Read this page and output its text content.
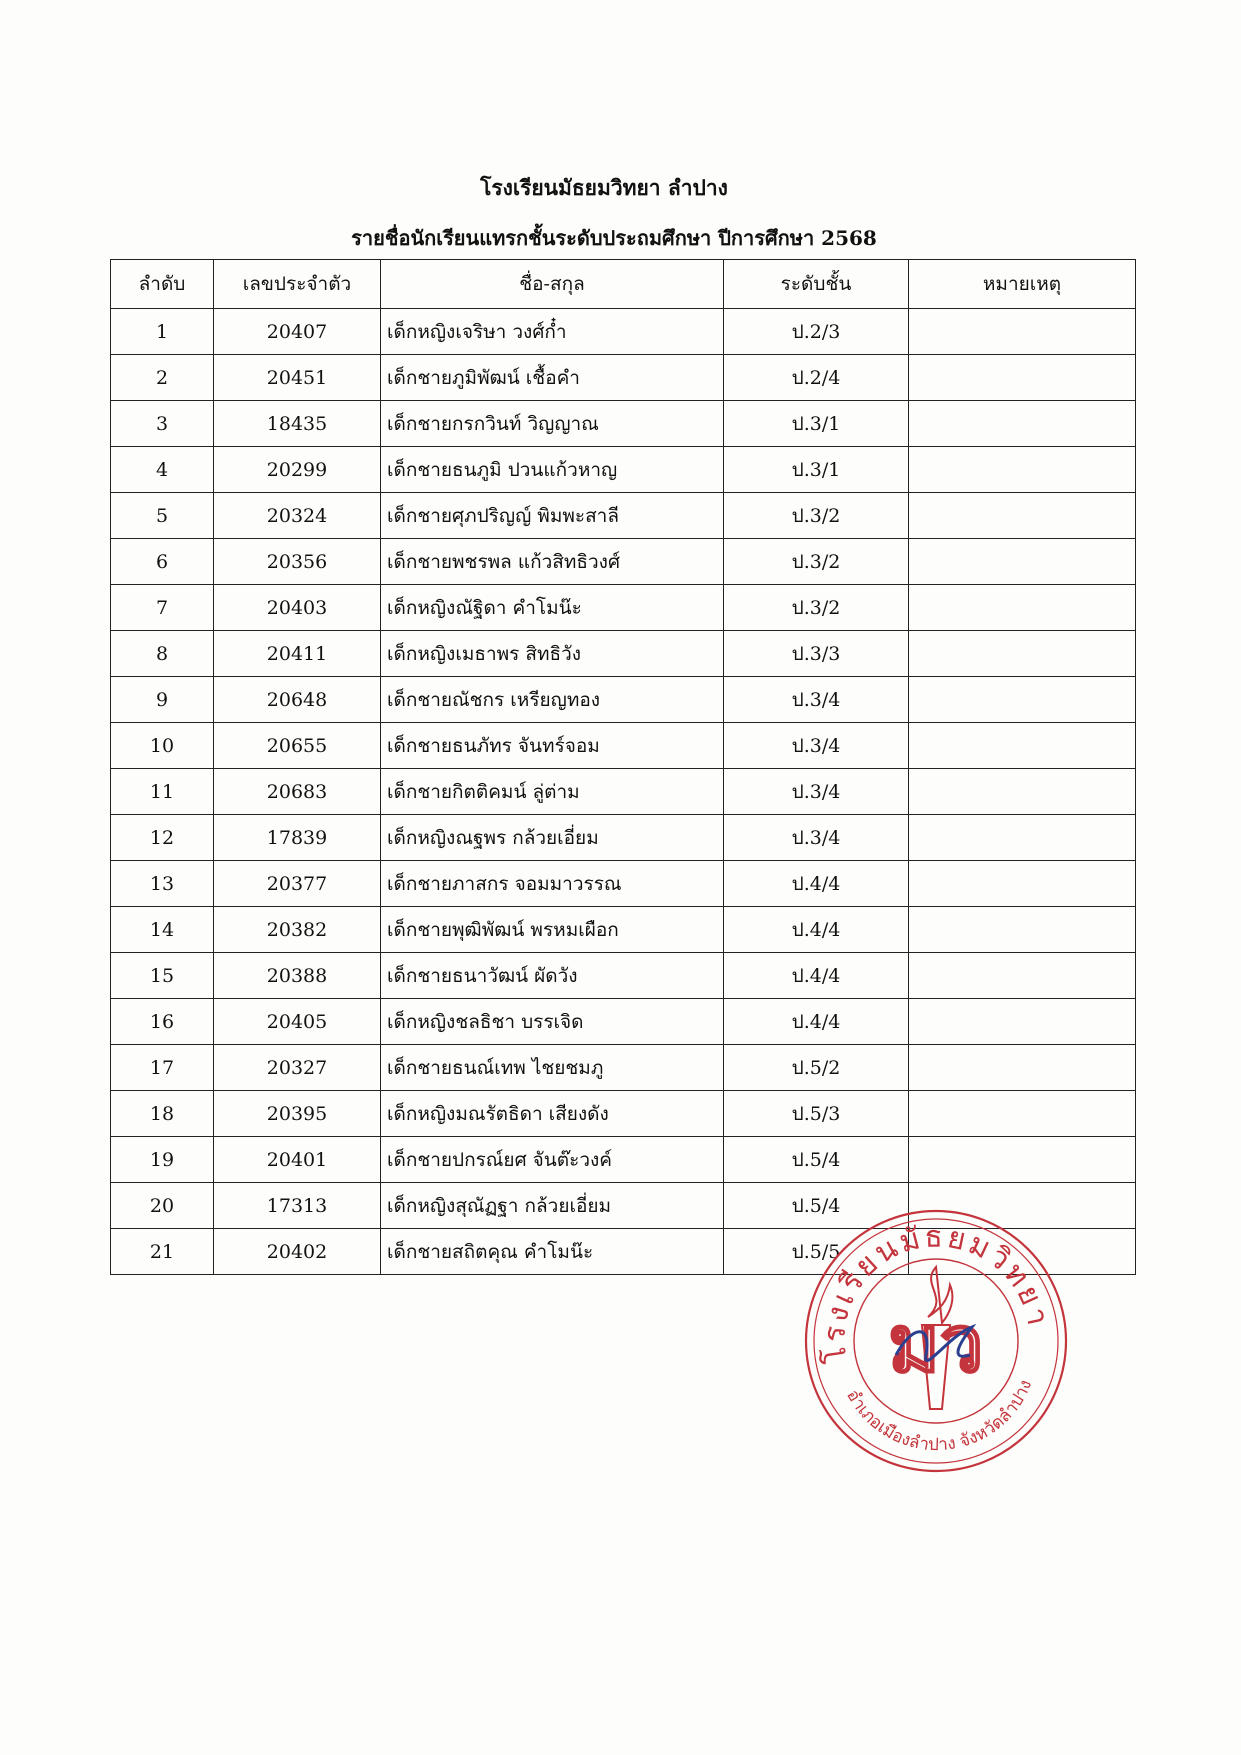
โรงเรียนมัธยมวิทยา ลำปาง
รายชื่อนักเรียนแทรกชั้นระดับประถมศึกษา ปีการศึกษา 2568
ลำดับ	เลขประจำตัว	ชื่อ-สกุล	ระดับชั้น	หมายเหตุ
1	20407	เด็กหญิงเจริษา วงศ์ก๋ำ	ป.2/3	
2	20451	เด็กชายภูมิพัฒน์ เชื้อคำ	ป.2/4	
3	18435	เด็กชายกรกวินท์ วิญญาณ	ป.3/1	
4	20299	เด็กชายธนภูมิ ปวนแก้วหาญ	ป.3/1	
5	20324	เด็กชายศุภปริญญ์ พิมพะสาลี	ป.3/2	
6	20356	เด็กชายพชรพล แก้วสิทธิวงศ์	ป.3/2	
7	20403	เด็กหญิงณัฐิดา คำโมน๊ะ	ป.3/2	
8	20411	เด็กหญิงเมธาพร สิทธิวัง	ป.3/3	
9	20648	เด็กชายณัชกร เหรียญทอง	ป.3/4	
10	20655	เด็กชายธนภัทร จันทร์จอม	ป.3/4	
11	20683	เด็กชายกิตติคมน์ ลู่ต่าม	ป.3/4	
12	17839	เด็กหญิงณฐพร กล้วยเอี่ยม	ป.3/4	
13	20377	เด็กชายภาสกร จอมมาวรรณ	ป.4/4	
14	20382	เด็กชายพุฒิพัฒน์ พรหมเผือก	ป.4/4	
15	20388	เด็กชายธนาวัฒน์ ผัดวัง	ป.4/4	
16	20405	เด็กหญิงชลธิชา บรรเจิด	ป.4/4	
17	20327	เด็กชายธนณ์เทพ ไชยชมภู	ป.5/2	
18	20395	เด็กหญิงมณรัตธิดา เสียงดัง	ป.5/3	
19	20401	เด็กชายปกรณ์ยศ จันต๊ะวงค์	ป.5/4	
20	17313	เด็กหญิงสุณัฏฐา กล้วยเอี่ยม	ป.5/4	
21	20402	เด็กชายสถิตคุณ คำโมน๊ะ	ป.5/5	
มว
โรงเรียนมัธยมวิทยา
อำเภอเมืองลำปาง จังหวัดลำปาง
